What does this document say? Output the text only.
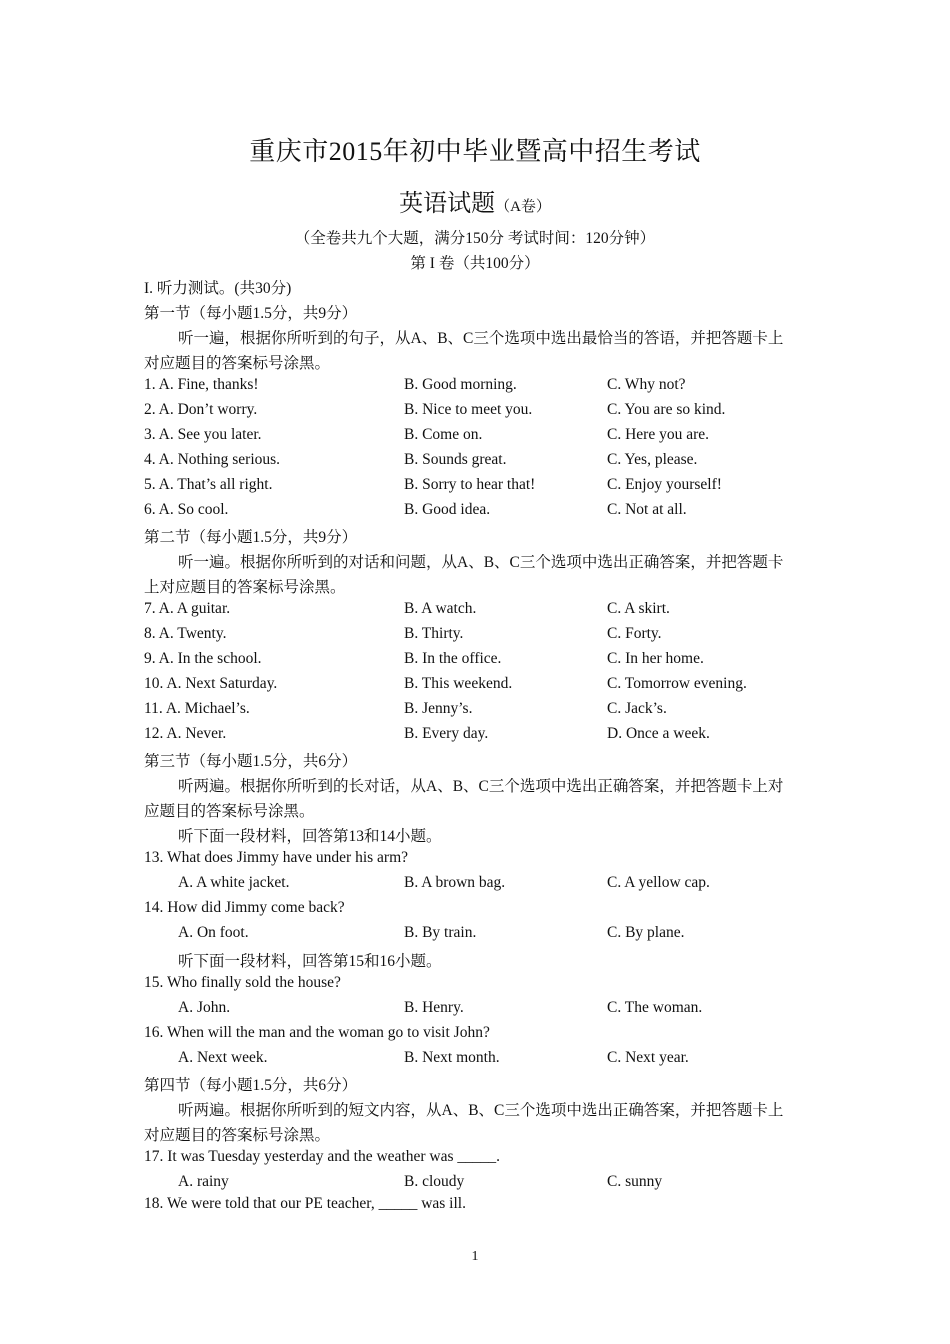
重庆市2015年初中毕业暨高中招生考试
英语试题（A卷）
（全卷共九个大题，满分150分 考试时间：120分钟）
第 I 卷（共100分）
I. 听力测试。(共30分)
第一节（每小题1.5分，共9分）
听一遍，根据你所听到的句子，从A、B、C三个选项中选出最恰当的答语，并把答题卡上
对应题目的答案标号涂黑。
1. A. Fine, thanks!	B. Good morning.	C. Why not?
2. A. Don’t worry.	B. Nice to meet you.	C. You are so kind.
3. A. See you later.	B. Come on.	C. Here you are.
4. A. Nothing serious.	B. Sounds great.	C. Yes, please.
5. A. That’s all right.	B. Sorry to hear that!	C. Enjoy yourself!
6. A. So cool.	B. Good idea.	C. Not at all.
第二节（每小题1.5分，共9分）
听一遍。根据你所听到的对话和问题，从A、B、C三个选项中选出正确答案，并把答题卡
上对应题目的答案标号涂黑。
7. A. A guitar.	B. A watch.	C. A skirt.
8. A. Twenty.	B. Thirty.	C. Forty.
9. A. In the school.	B. In the office.	C. In her home.
10. A. Next Saturday.	B. This weekend.	C. Tomorrow evening.
11. A. Michael’s.	B. Jenny’s.	C. Jack’s.
12. A. Never.	B. Every day.	D. Once a week.
第三节（每小题1.5分，共6分）
听两遍。根据你所听到的长对话，从A、B、C三个选项中选出正确答案，并把答题卡上对
应题目的答案标号涂黑。
听下面一段材料，回答第13和14小题。
13. What does Jimmy have under his arm?
A. A white jacket.	B. A brown bag.	C. A yellow cap.
14. How did Jimmy come back?
A. On foot.	B. By train.	C. By plane.
听下面一段材料，回答第15和16小题。
15. Who finally sold the house?
A. John.	B. Henry.	C. The woman.
16. When will the man and the woman go to visit John?
A. Next week.	B. Next month.	C. Next year.
第四节（每小题1.5分，共6分）
听两遍。根据你所听到的短文内容，从A、B、C三个选项中选出正确答案，并把答题卡上
对应题目的答案标号涂黑。
17. It was Tuesday yesterday and the weather was _____.
A. rainy	B. cloudy	C. sunny
18. We were told that our PE teacher, _____ was ill.
1
